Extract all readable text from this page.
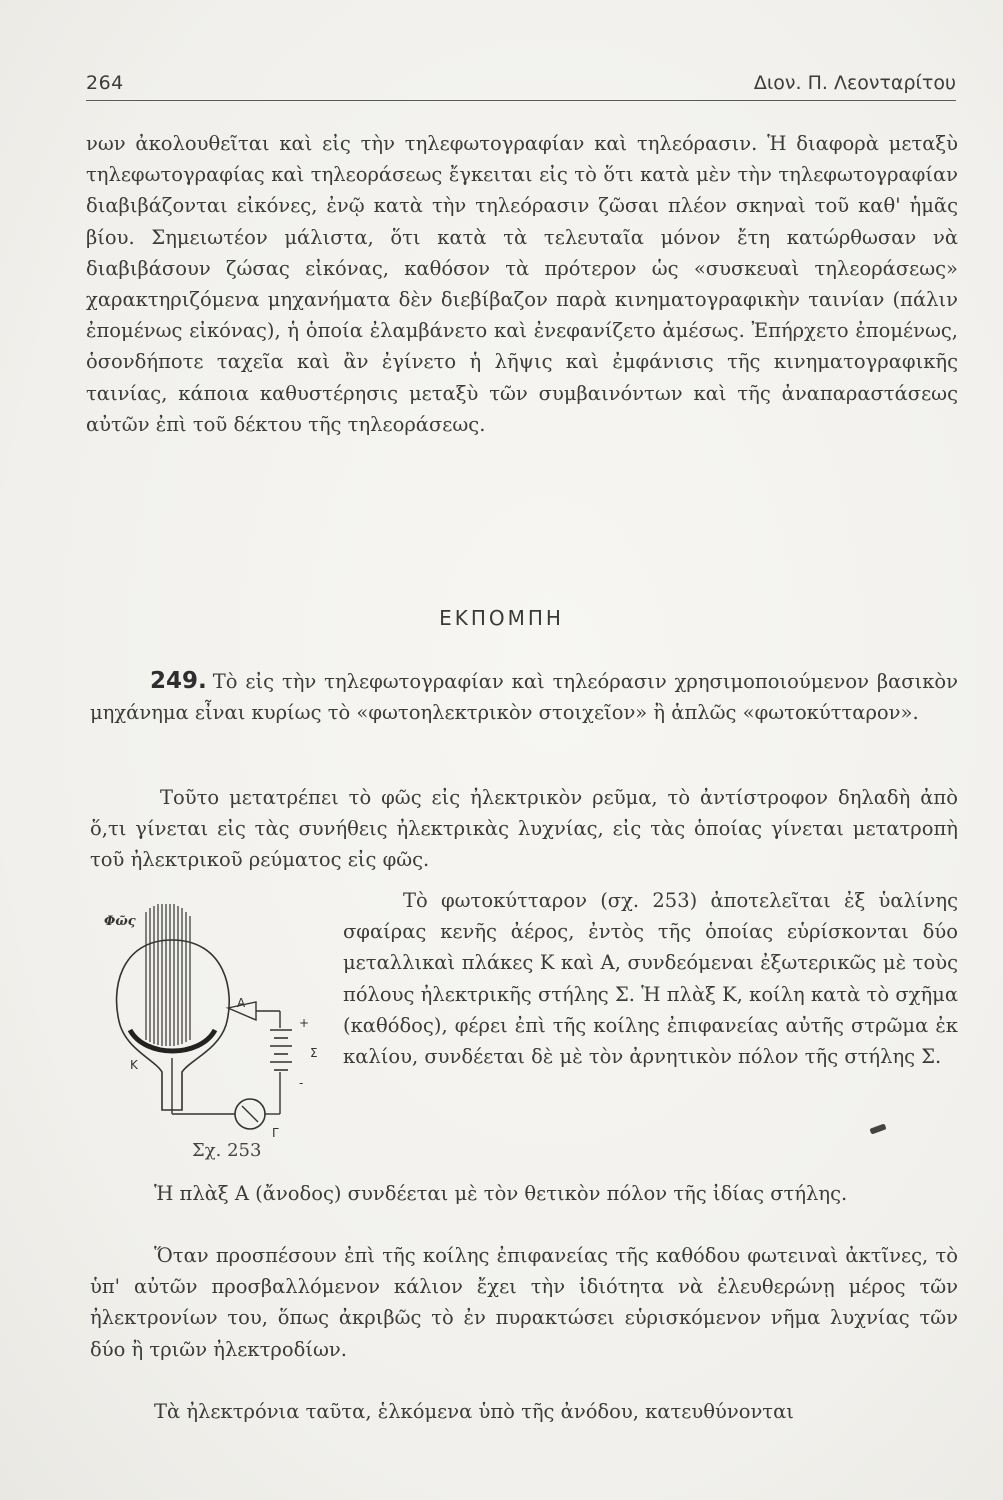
264	Διον. Π. Λεονταρίτου

νων ἀκολουθεῖται καὶ εἰς τὴν τηλεφωτογραφίαν καὶ τηλεόρασιν. Ἡ διαφορὰ μεταξὺ τηλεφωτογραφίας καὶ τηλεοράσεως ἔγκειται εἰς τὸ ὅτι κατὰ μὲν τὴν τηλεφωτογραφίαν διαβιβάζονται εἰκόνες, ἐνῷ κατὰ τὴν τηλεόρασιν ζῶσαι πλέον σκηναὶ τοῦ καθ' ἡμᾶς βίου. Σημειωτέον μάλιστα, ὅτι κατὰ τὰ τελευταῖα μόνον ἔτη κατώρθωσαν νὰ διαβιβάσουν ζώσας εἰκόνας, καθόσον τὰ πρότερον ὡς «συσκευαὶ τηλεοράσεως» χαρακτηριζόμενα μηχανήματα δὲν διεβίβαζον παρὰ κινηματογραφικὴν ταινίαν (πάλιν ἐπομένως εἰκόνας), ἡ ὁποία ἐλαμβάνετο καὶ ἐνεφανίζετο ἀμέσως. Ἐπήρχετο ἐπομένως, ὁσονδήποτε ταχεῖα καὶ ἂν ἐγίνετο ἡ λῆψις καὶ ἐμφάνισις τῆς κινηματογραφικῆς ταινίας, κάποια καθυστέρησις μεταξὺ τῶν συμβαινόντων καὶ τῆς ἀναπαραστάσεως αὐτῶν ἐπὶ τοῦ δέκτου τῆς τηλεοράσεως.

ΕΚΠΟΜΠΗ

249. Τὸ εἰς τὴν τηλεφωτογραφίαν καὶ τηλεόρασιν χρησιμοποιούμενον βασικὸν μηχάνημα εἶναι κυρίως τὸ «φωτοηλεκτρικὸν στοιχεῖον» ἢ ἁπλῶς «φωτοκύτταρον».

Τοῦτο μετατρέπει τὸ φῶς εἰς ἠλεκτρικὸν ρεῦμα, τὸ ἀντίστροφον δηλαδὴ ἀπὸ ὅ,τι γίνεται εἰς τὰς συνήθεις ἠλεκτρικὰς λυχνίας, εἰς τὰς ὁποίας γίνεται μετατροπὴ τοῦ ἠλεκτρικοῦ ρεύματος εἰς φῶς.

Φῶς
A
K
+
-
Σ
Γ

Τὸ φωτοκύτταρον (σχ. 253) ἀποτελεῖται ἐξ ὑαλίνης σφαίρας κενῆς ἀέρος, ἐντὸς τῆς ὁποίας εὑρίσκονται δύο μεταλλικαὶ πλάκες Κ καὶ Α, συνδεόμεναι ἐξωτερικῶς μὲ τοὺς πόλους ἠλεκτρικῆς στήλης Σ. Ἡ πλὰξ Κ, κοίλη κατὰ τὸ σχῆμα (καθόδος), φέρει ἐπὶ τῆς κοίλης ἐπιφανείας αὐτῆς στρῶμα ἐκ καλίου, συνδέεται δὲ μὲ τὸν ἀρνητικὸν πόλον τῆς στήλης Σ.

Σχ. 253

Ἡ πλὰξ Α (ἄνοδος) συνδέεται μὲ τὸν θετικὸν πόλον τῆς ἰδίας στήλης.

Ὅταν προσπέσουν ἐπὶ τῆς κοίλης ἐπιφανείας τῆς καθόδου φωτειναὶ ἀκτῖνες, τὸ ὑπ' αὐτῶν προσβαλλόμενον κάλιον ἔχει τὴν ἰδιότητα νὰ ἐλευθερώνῃ μέρος τῶν ἠλεκτρονίων του, ὅπως ἀκριβῶς τὸ ἐν πυρακτώσει εὑρισκόμενον νῆμα λυχνίας τῶν δύο ἢ τριῶν ἠλεκτροδίων.

Τὰ ἠλεκτρόνια ταῦτα, ἑλκόμενα ὑπὸ τῆς ἀνόδου, κατευθύνονται
